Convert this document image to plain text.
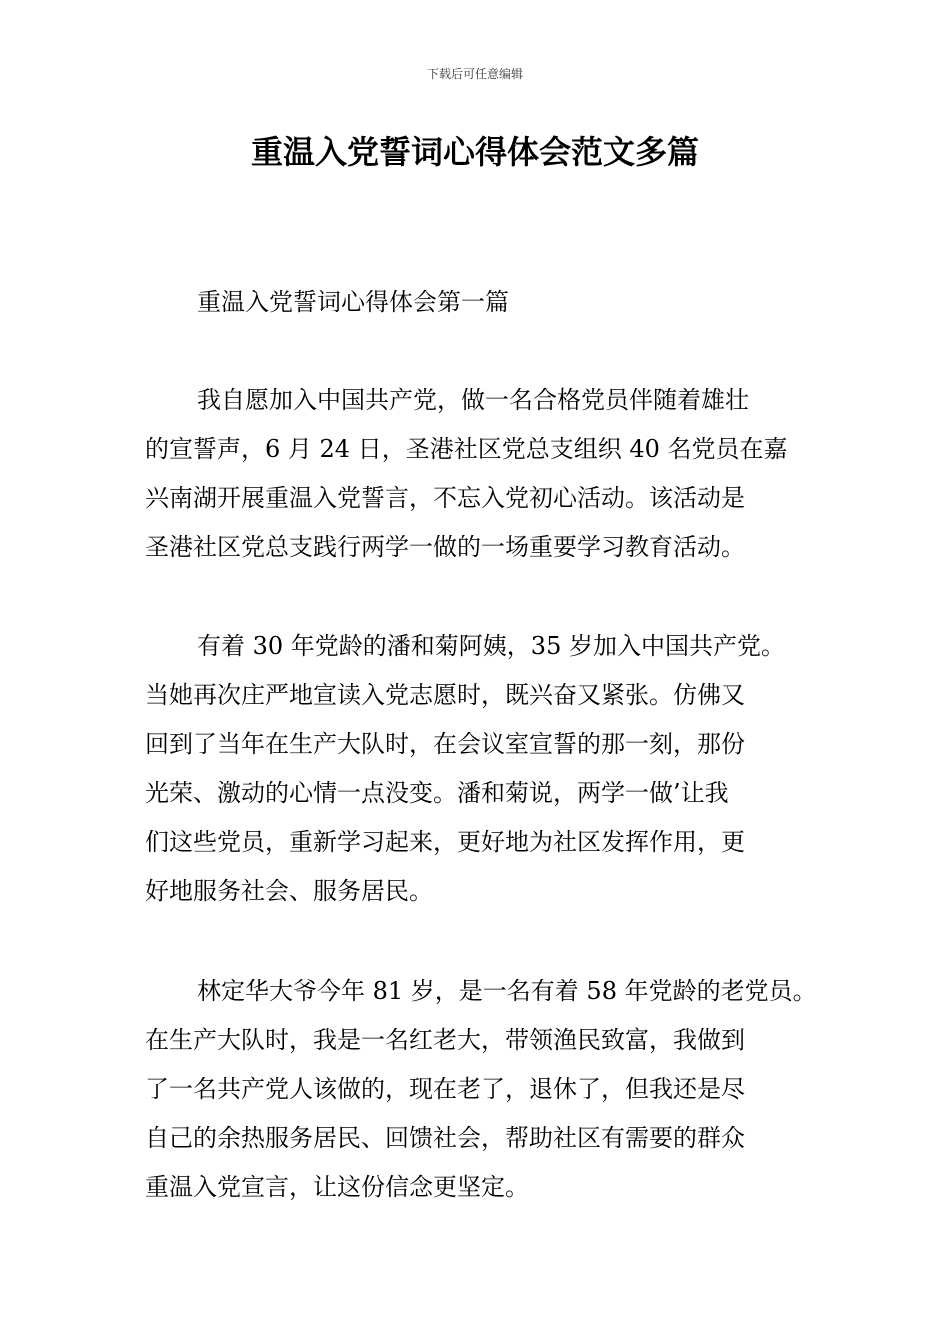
下载后可任意编辑
重温入党誓词心得体会范文多篇
重温入党誓词心得体会第一篇
我自愿加入中国共产党，做一名合格党员伴随着雄壮
的宣誓声，6 月 24 日，圣港社区党总支组织 40 名党员在嘉
兴南湖开展重温入党誓言，不忘入党初心活动。该活动是
圣港社区党总支践行两学一做的一场重要学习教育活动。
有着 30 年党龄的潘和菊阿姨，35 岁加入中国共产党。
当她再次庄严地宣读入党志愿时，既兴奋又紧张。仿佛又
回到了当年在生产大队时，在会议室宣誓的那一刻，那份
光荣、激动的心情一点没变。潘和菊说，两学一做’让我
们这些党员，重新学习起来，更好地为社区发挥作用，更
好地服务社会、服务居民。
林定华大爷今年 81 岁，是一名有着 58 年党龄的老党员。
在生产大队时，我是一名红老大，带领渔民致富，我做到
了一名共产党人该做的，现在老了，退休了，但我还是尽
自己的余热服务居民、回馈社会，帮助社区有需要的群众
重温入党宣言，让这份信念更坚定。
